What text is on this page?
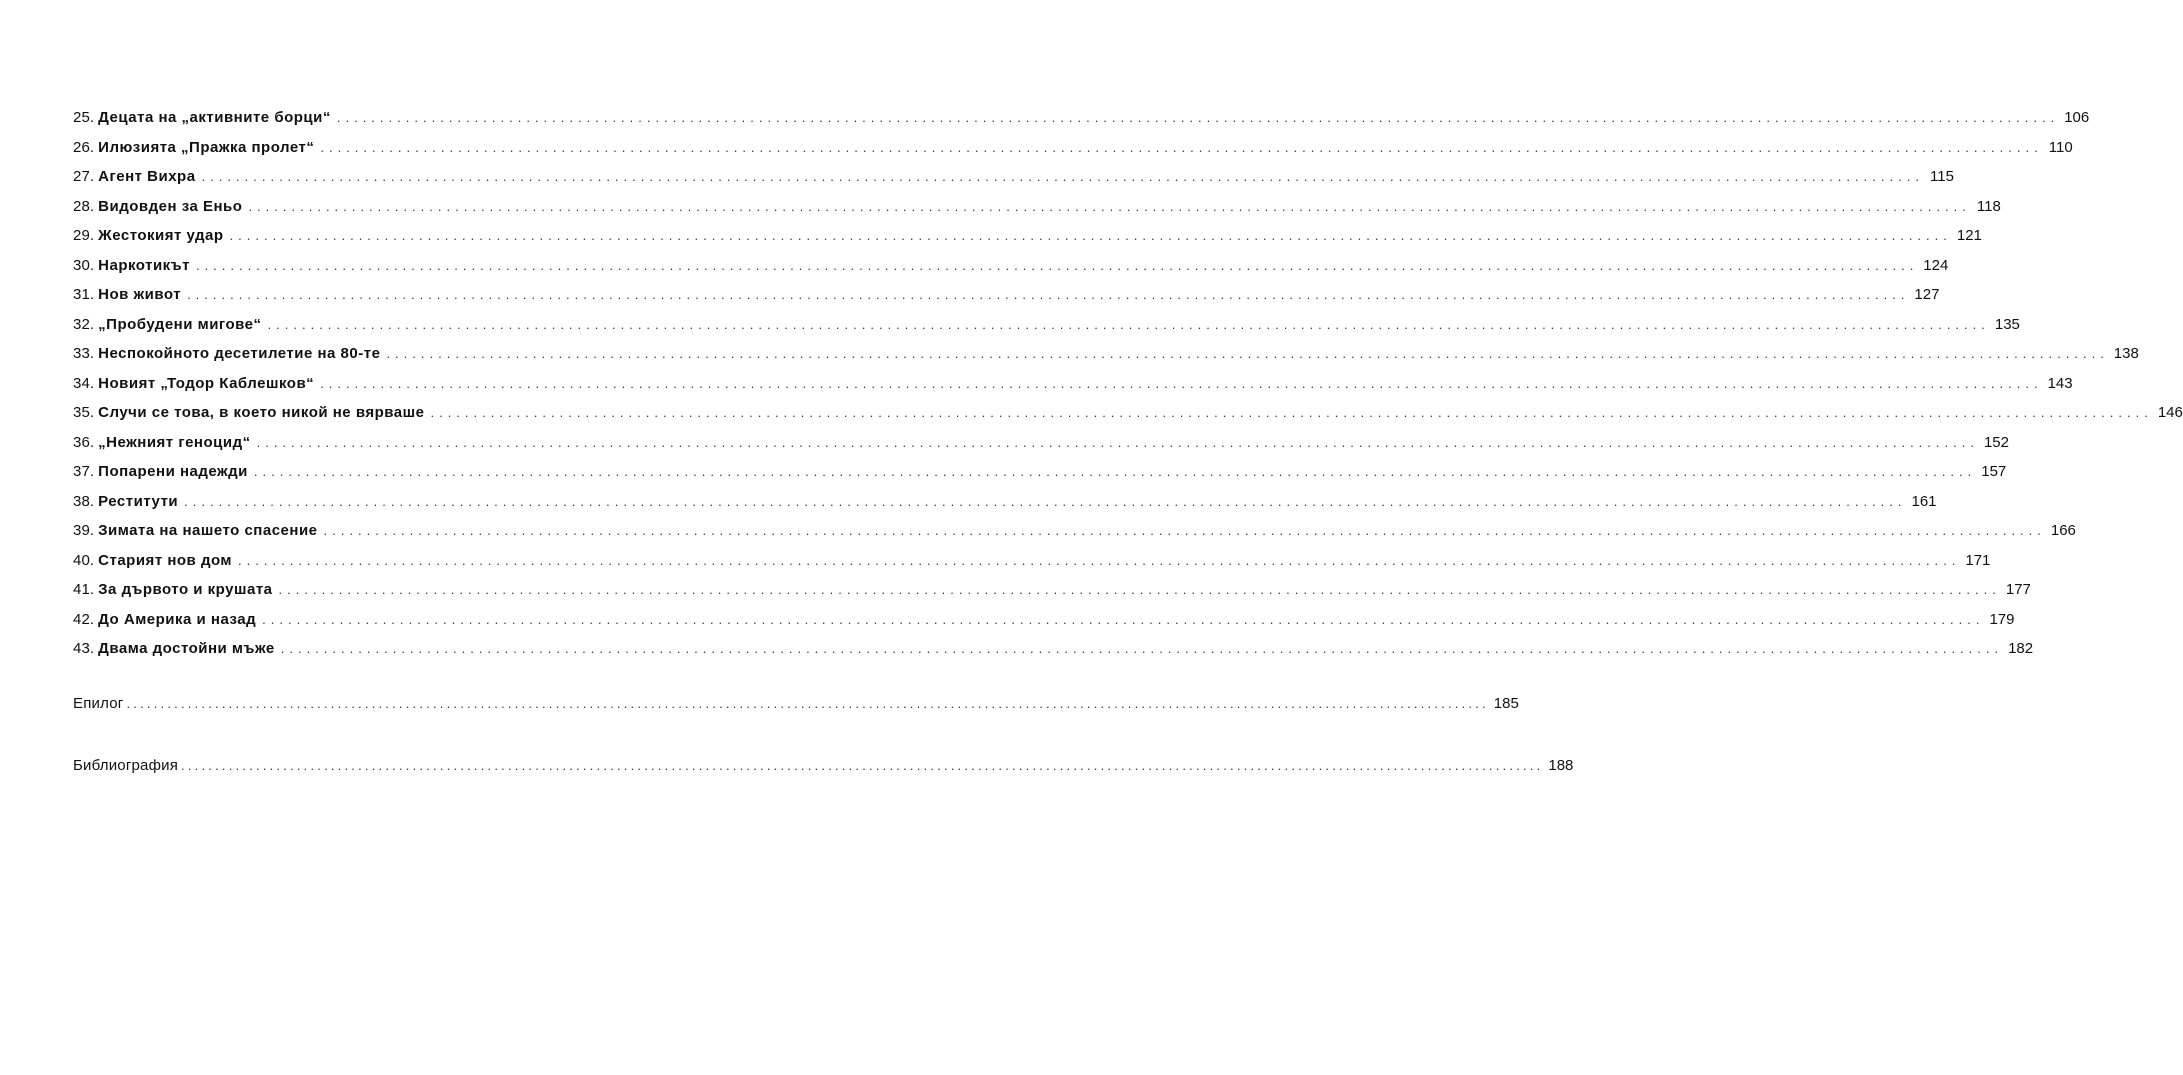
25. Децата на „активните борци“ ........................................................................................................................................................................................................ 106
26. Илюзията „Пражка пролет“ ........................................................................................................................................................................................................ 110
27. Агент Вихра ........................................................................................................................................................................................................ 115
28. Видовден за Еньо ........................................................................................................................................................................................................ 118
29. Жестокият удар ........................................................................................................................................................................................................ 121
30. Наркотикът ........................................................................................................................................................................................................ 124
31. Нов живот ........................................................................................................................................................................................................ 127
32. „Пробудени мигове“ ........................................................................................................................................................................................................ 135
33. Неспокойното десетилетие на 80-те ........................................................................................................................................................................................................ 138
34. Новият „Тодор Каблешков“ ........................................................................................................................................................................................................ 143
35. Случи се това, в което никой не вярваше ........................................................................................................................................................................................................ 146
36. „Нежният геноцид“ ........................................................................................................................................................................................................ 152
37. Попарени надежди ........................................................................................................................................................................................................ 157
38. Реститути ........................................................................................................................................................................................................ 161
39. Зимата на нашето спасение ........................................................................................................................................................................................................ 166
40. Старият нов дом ........................................................................................................................................................................................................ 171
41. За дървото и крушата ........................................................................................................................................................................................................ 177
42. До Америка и назад ........................................................................................................................................................................................................ 179
43. Двама достойни мъже ........................................................................................................................................................................................................ 182
Епилог ........................................................................................................................................................................................................ 185
Библиография ........................................................................................................................................................................................................ 188
